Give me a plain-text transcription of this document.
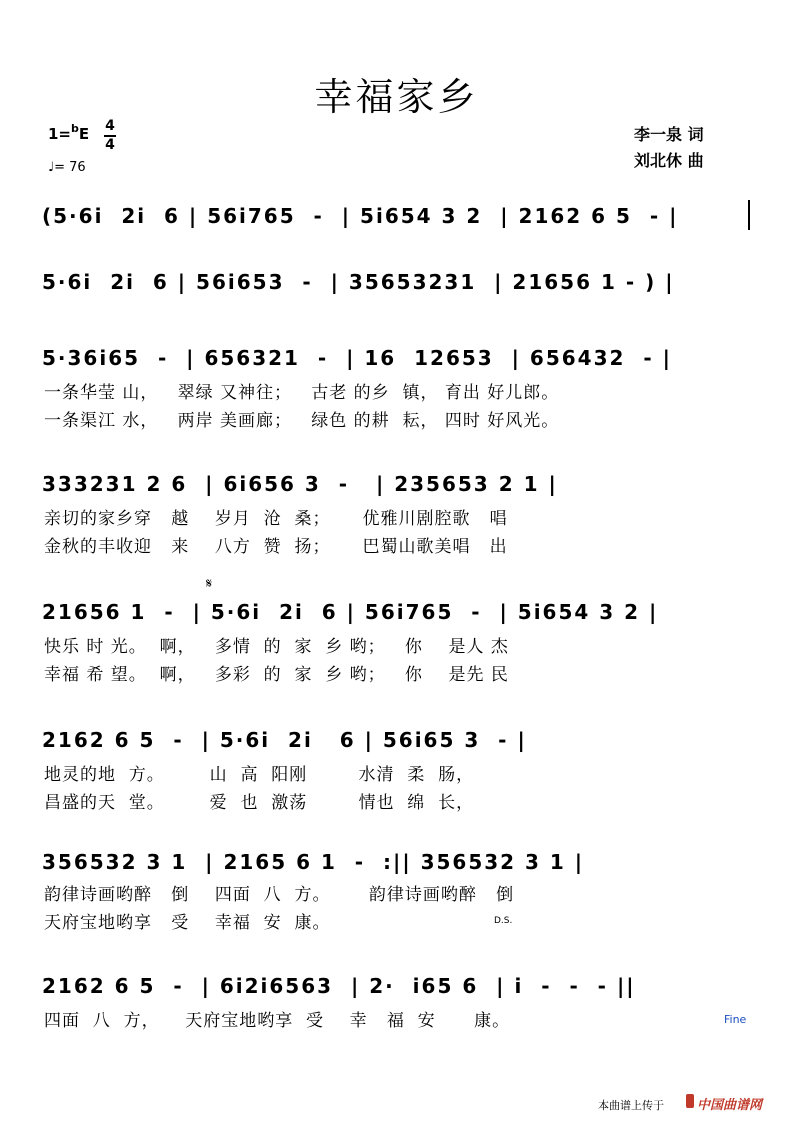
幸福家乡
1=$^b$E 4
4
♩= 76
李一泉 词
刘北休 曲
(5·6i  2i  6 | 56i765  -  | 5i654 3 2  | 2162 6 5  - |
5·6i  2i  6 | 56i653  -  | 35653231  | 21656 1 - ) |
5·36i65  -  | 656321  -  | 16  12653  | 656432  - |
一条华莹 山，   翠绿 又神往；   古老 的乡  镇， 育出 好儿郎。
一条渠江 水，   两岸 美画廊；   绿色 的耕  耘， 四时 好风光。
333231 2 6  | 6i656 3  -   | 235653 2 1 |
亲切的家乡穿   越    岁月  沧  桑；     优雅川剧腔歌   唱
金秋的丰收迎   来    八方  赞  扬；     巴蜀山歌美唱   出
𝄋
21656 1  -  | 5·6i  2i  6 | 56i765  -  | 5i654 3 2 |
快乐 时 光。  啊，   多情  的  家  乡 哟；   你    是人 杰
幸福 希 望。  啊，   多彩  的  家  乡 哟；   你    是先 民
2162 6 5  -  | 5·6i  2i   6 | 56i65 3  - |
地灵的地  方。       山  高  阳刚        水清  柔  肠，
昌盛的天  堂。       爱  也  激荡        情也  绵  长，
356532 3 1  | 2165 6 1  -  :|| 356532 3 1 |
韵律诗画哟醉   倒    四面  八  方。      韵律诗画哟醉   倒
天府宝地哟享   受    幸福  安  康。	D.S.
2162 6 5  -  | 6i2i6563  | 2·  i65 6  | i  -  -  - ||
四面  八  方，    天府宝地哟享  受    幸   福  安      康。	Fine
本曲谱上传于	中国曲谱网
